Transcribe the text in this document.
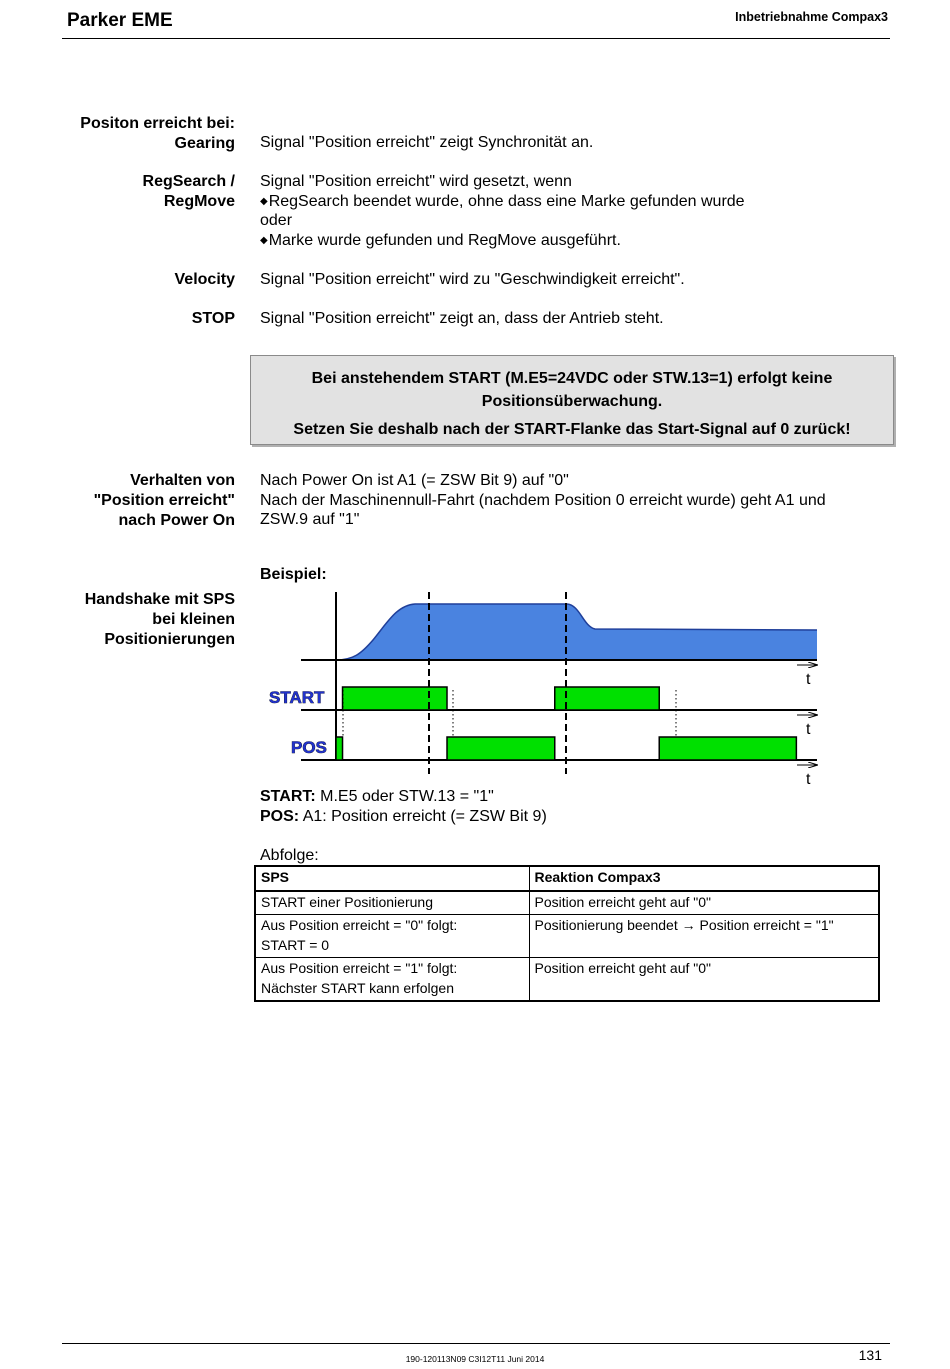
Parker EME	Inbetriebnahme Compax3
Positon erreicht bei:
Gearing Signal "Position erreicht" zeigt Synchronität an.
RegSearch /
RegMove
Signal "Position erreicht" wird gesetzt, wenn
◆RegSearch beendet wurde, ohne dass eine Marke gefunden wurde
oder
◆Marke wurde gefunden und RegMove ausgeführt.
Velocity Signal "Position erreicht" wird zu "Geschwindigkeit erreicht".
STOP Signal "Position erreicht" zeigt an, dass der Antrieb steht.
Bei anstehendem START (M.E5=24VDC oder STW.13=1) erfolgt keine
Positionsüberwachung.
Setzen Sie deshalb nach der START-Flanke das Start-Signal auf 0 zurück!
Verhalten von
"Position erreicht"
nach Power On
Nach Power On ist A1 (= ZSW Bit 9) auf "0"
Nach der Maschinennull-Fahrt (nachdem Position 0 erreicht wurde) geht A1 und
ZSW.9 auf "1"
Handshake mit SPS
bei kleinen
Positionierungen
Beispiel:
START
POS
t
t
t
START: M.E5 oder STW.13 = "1"
POS: A1: Position erreicht (= ZSW Bit 9)
Abfolge:
SPS	Reaktion Compax3

START einer Positionierung	Position erreicht geht auf "0"

Aus Position erreicht = "0" folgt:
START = 0	Positionierung beendet → Position erreicht = "1"

Aus Position erreicht = "1" folgt:
Nächster START kann erfolgen	Position erreicht geht auf "0"
190-120113N09 C3I12T11 Juni 2014	131
